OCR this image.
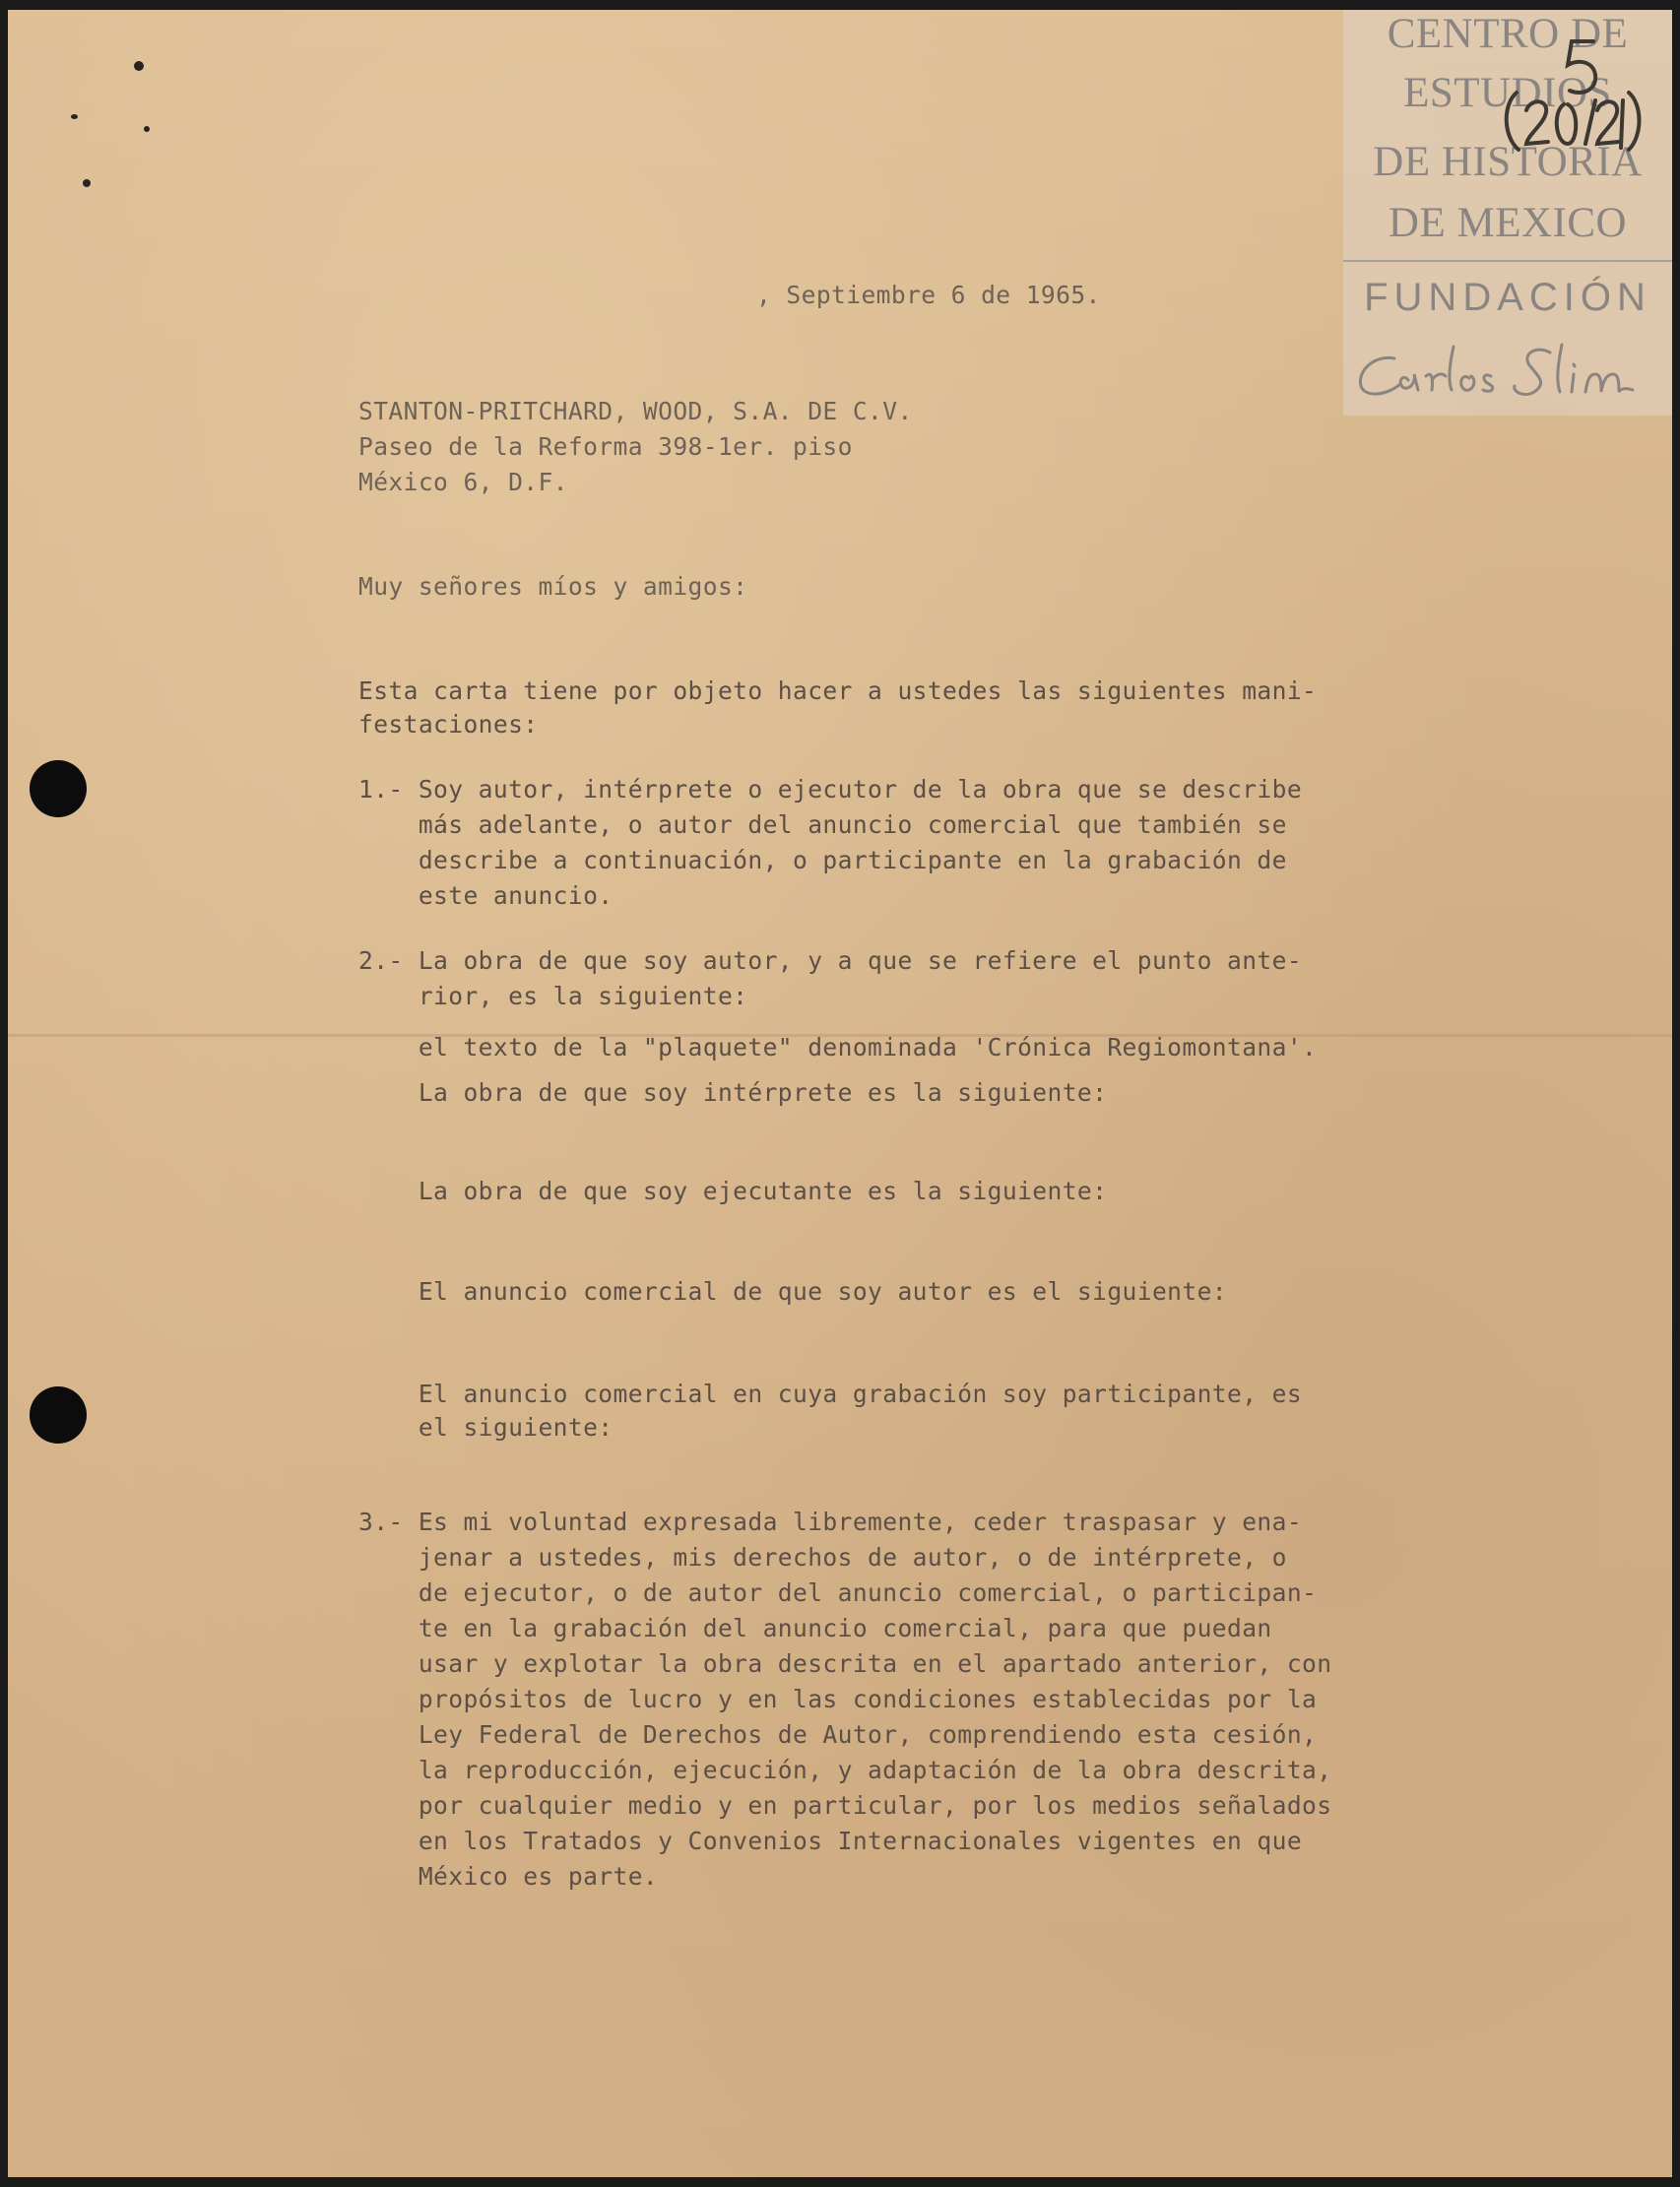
CENTRO DE
ESTUDIOS
DE HISTORIA
DE MEXICO
FUNDACIÓN
, Septiembre 6 de 1965.
STANTON-PRITCHARD, WOOD, S.A. DE C.V.
Paseo de la Reforma 398-1er. piso
México 6, D.F.
Muy señores míos y amigos:
Esta carta tiene por objeto hacer a ustedes las siguientes mani-
festaciones:
1.- Soy autor, intérprete o ejecutor de la obra que se describe
más adelante, o autor del anuncio comercial que también se
describe a continuación, o participante en la grabación de
este anuncio.
2.- La obra de que soy autor, y a que se refiere el punto ante-
rior, es la siguiente:
el texto de la "plaquete" denominada 'Crónica Regiomontana'.
La obra de que soy intérprete es la siguiente:
La obra de que soy ejecutante es la siguiente:
El anuncio comercial de que soy autor es el siguiente:
El anuncio comercial en cuya grabación soy participante, es
el siguiente:
3.- Es mi voluntad expresada libremente, ceder traspasar y ena-
jenar a ustedes, mis derechos de autor, o de intérprete, o
de ejecutor, o de autor del anuncio comercial, o participan-
te en la grabación del anuncio comercial, para que puedan
usar y explotar la obra descrita en el apartado anterior, con
propósitos de lucro y en las condiciones establecidas por la
Ley Federal de Derechos de Autor, comprendiendo esta cesión,
la reproducción, ejecución, y adaptación de la obra descrita,
por cualquier medio y en particular, por los medios señalados
en los Tratados y Convenios Internacionales vigentes en que
México es parte.
